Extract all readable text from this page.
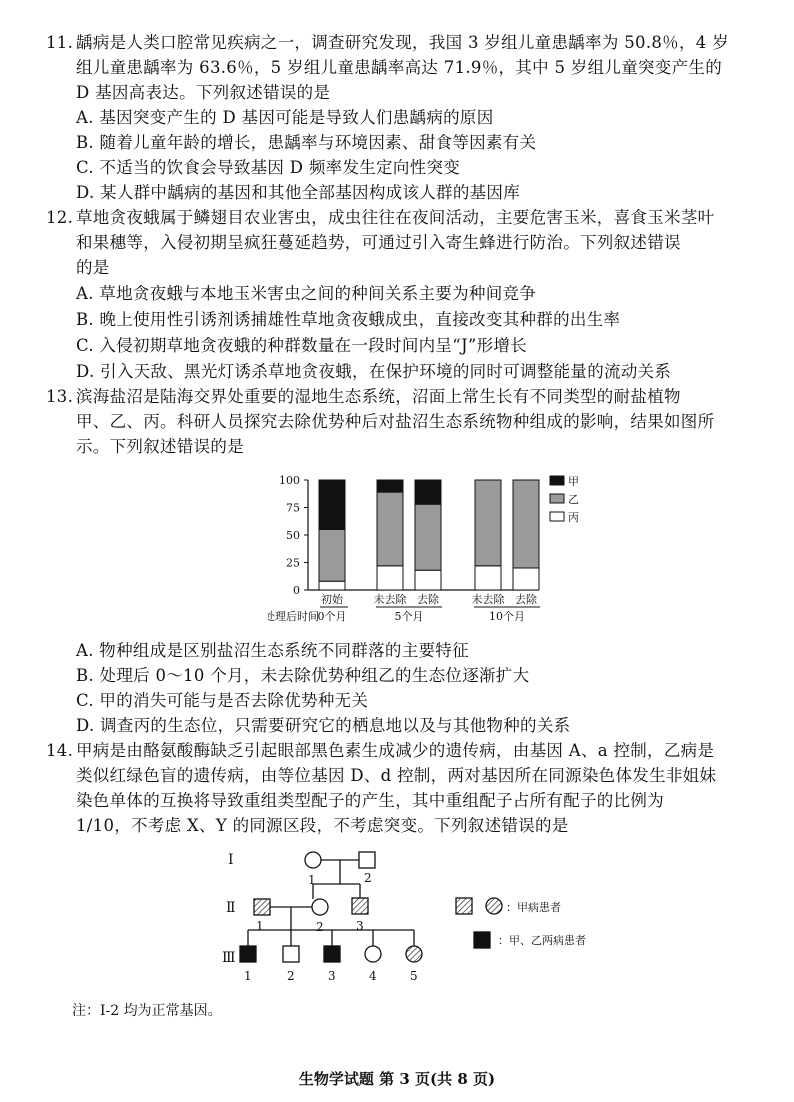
11. 龋病是人类口腔常见疾病之一，调查研究发现，我国 3 岁组儿童患龋率为 50.8％，4 岁
组儿童患龋率为 63.6％，5 岁组儿童患龋率高达 71.9％，其中 5 岁组儿童突变产生的
D 基因高表达。下列叙述错误的是
A. 基因突变产生的 D 基因可能是导致人们患龋病的原因
B. 随着儿童年龄的增长，患龋率与环境因素、甜食等因素有关
C. 不适当的饮食会导致基因 D 频率发生定向性突变
D. 某人群中龋病的基因和其他全部基因构成该人群的基因库
12. 草地贪夜蛾属于鳞翅目农业害虫，成虫往往在夜间活动，主要危害玉米，喜食玉米茎叶
和果穗等，入侵初期呈疯狂蔓延趋势，可通过引入寄生蜂进行防治。下列叙述错误
的是
A. 草地贪夜蛾与本地玉米害虫之间的种间关系主要为种间竞争
B. 晚上使用性引诱剂诱捕雄性草地贪夜蛾成虫，直接改变其种群的出生率
C. 入侵初期草地贪夜蛾的种群数量在一段时间内呈“J”形增长
D. 引入天敌、黑光灯诱杀草地贪夜蛾，在保护环境的同时可调整能量的流动关系
13. 滨海盐沼是陆海交界处重要的湿地生态系统，沼面上常生长有不同类型的耐盐植物
甲、乙、丙。科研人员探究去除优势种后对盐沼生态系统物种组成的影响，结果如图所
示。下列叙述错误的是
0
25
50
75
100
初始	未去除 去除	未去除 去除
0个月	5个月	10个月
处理后时间
甲
乙
丙
A. 物种组成是区别盐沼生态系统不同群落的主要特征
B. 处理后 0～10 个月，未去除优势种组乙的生态位逐渐扩大
C. 甲的消失可能与是否去除优势种无关
D. 调查丙的生态位，只需要研究它的栖息地以及与其他物种的关系
14. 甲病是由酪氨酸酶缺乏引起眼部黑色素生成减少的遗传病，由基因 A、a 控制，乙病是
类似红绿色盲的遗传病，由等位基因 D、d 控制，两对基因所在同源染色体发生非姐妹
染色单体的互换将导致重组类型配子的产生，其中重组配子占所有配子的比例为
1/10，不考虑 X、Y 的同源区段，不考虑突变。下列叙述错误的是
Ⅰ
Ⅱ
Ⅲ
1	2
1	2	3
1	2	3	4	5
：甲病患者
：甲、乙两病患者
注：Ⅰ-2 均为正常基因。
生物学试题 第 3 页(共 8 页)
